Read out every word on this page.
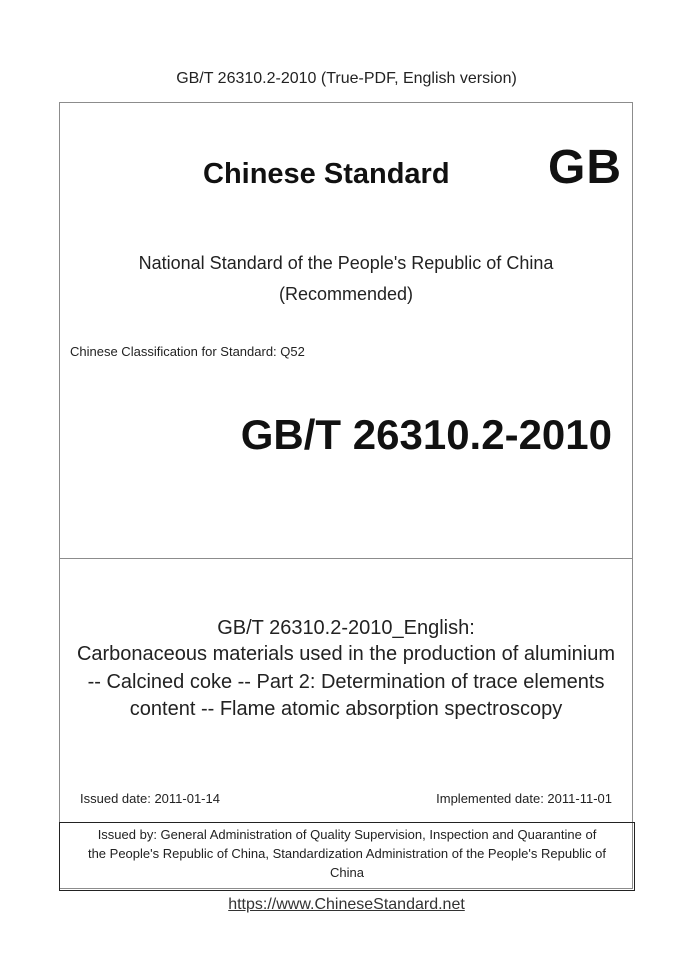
GB/T 26310.2-2010 (True-PDF, English version)
Chinese Standard GB
National Standard of the People's Republic of China
(Recommended)
Chinese Classification for Standard: Q52
GB/T 26310.2-2010
GB/T 26310.2-2010_English:
Carbonaceous materials used in the production of aluminium
-- Calcined coke -- Part 2: Determination of trace elements
content -- Flame atomic absorption spectroscopy
Issued date: 2011-01-14	Implemented date: 2011-11-01
Issued by: General Administration of Quality Supervision, Inspection and Quarantine of
the People's Republic of China, Standardization Administration of the People's Republic of
China
https://www.ChineseStandard.net
